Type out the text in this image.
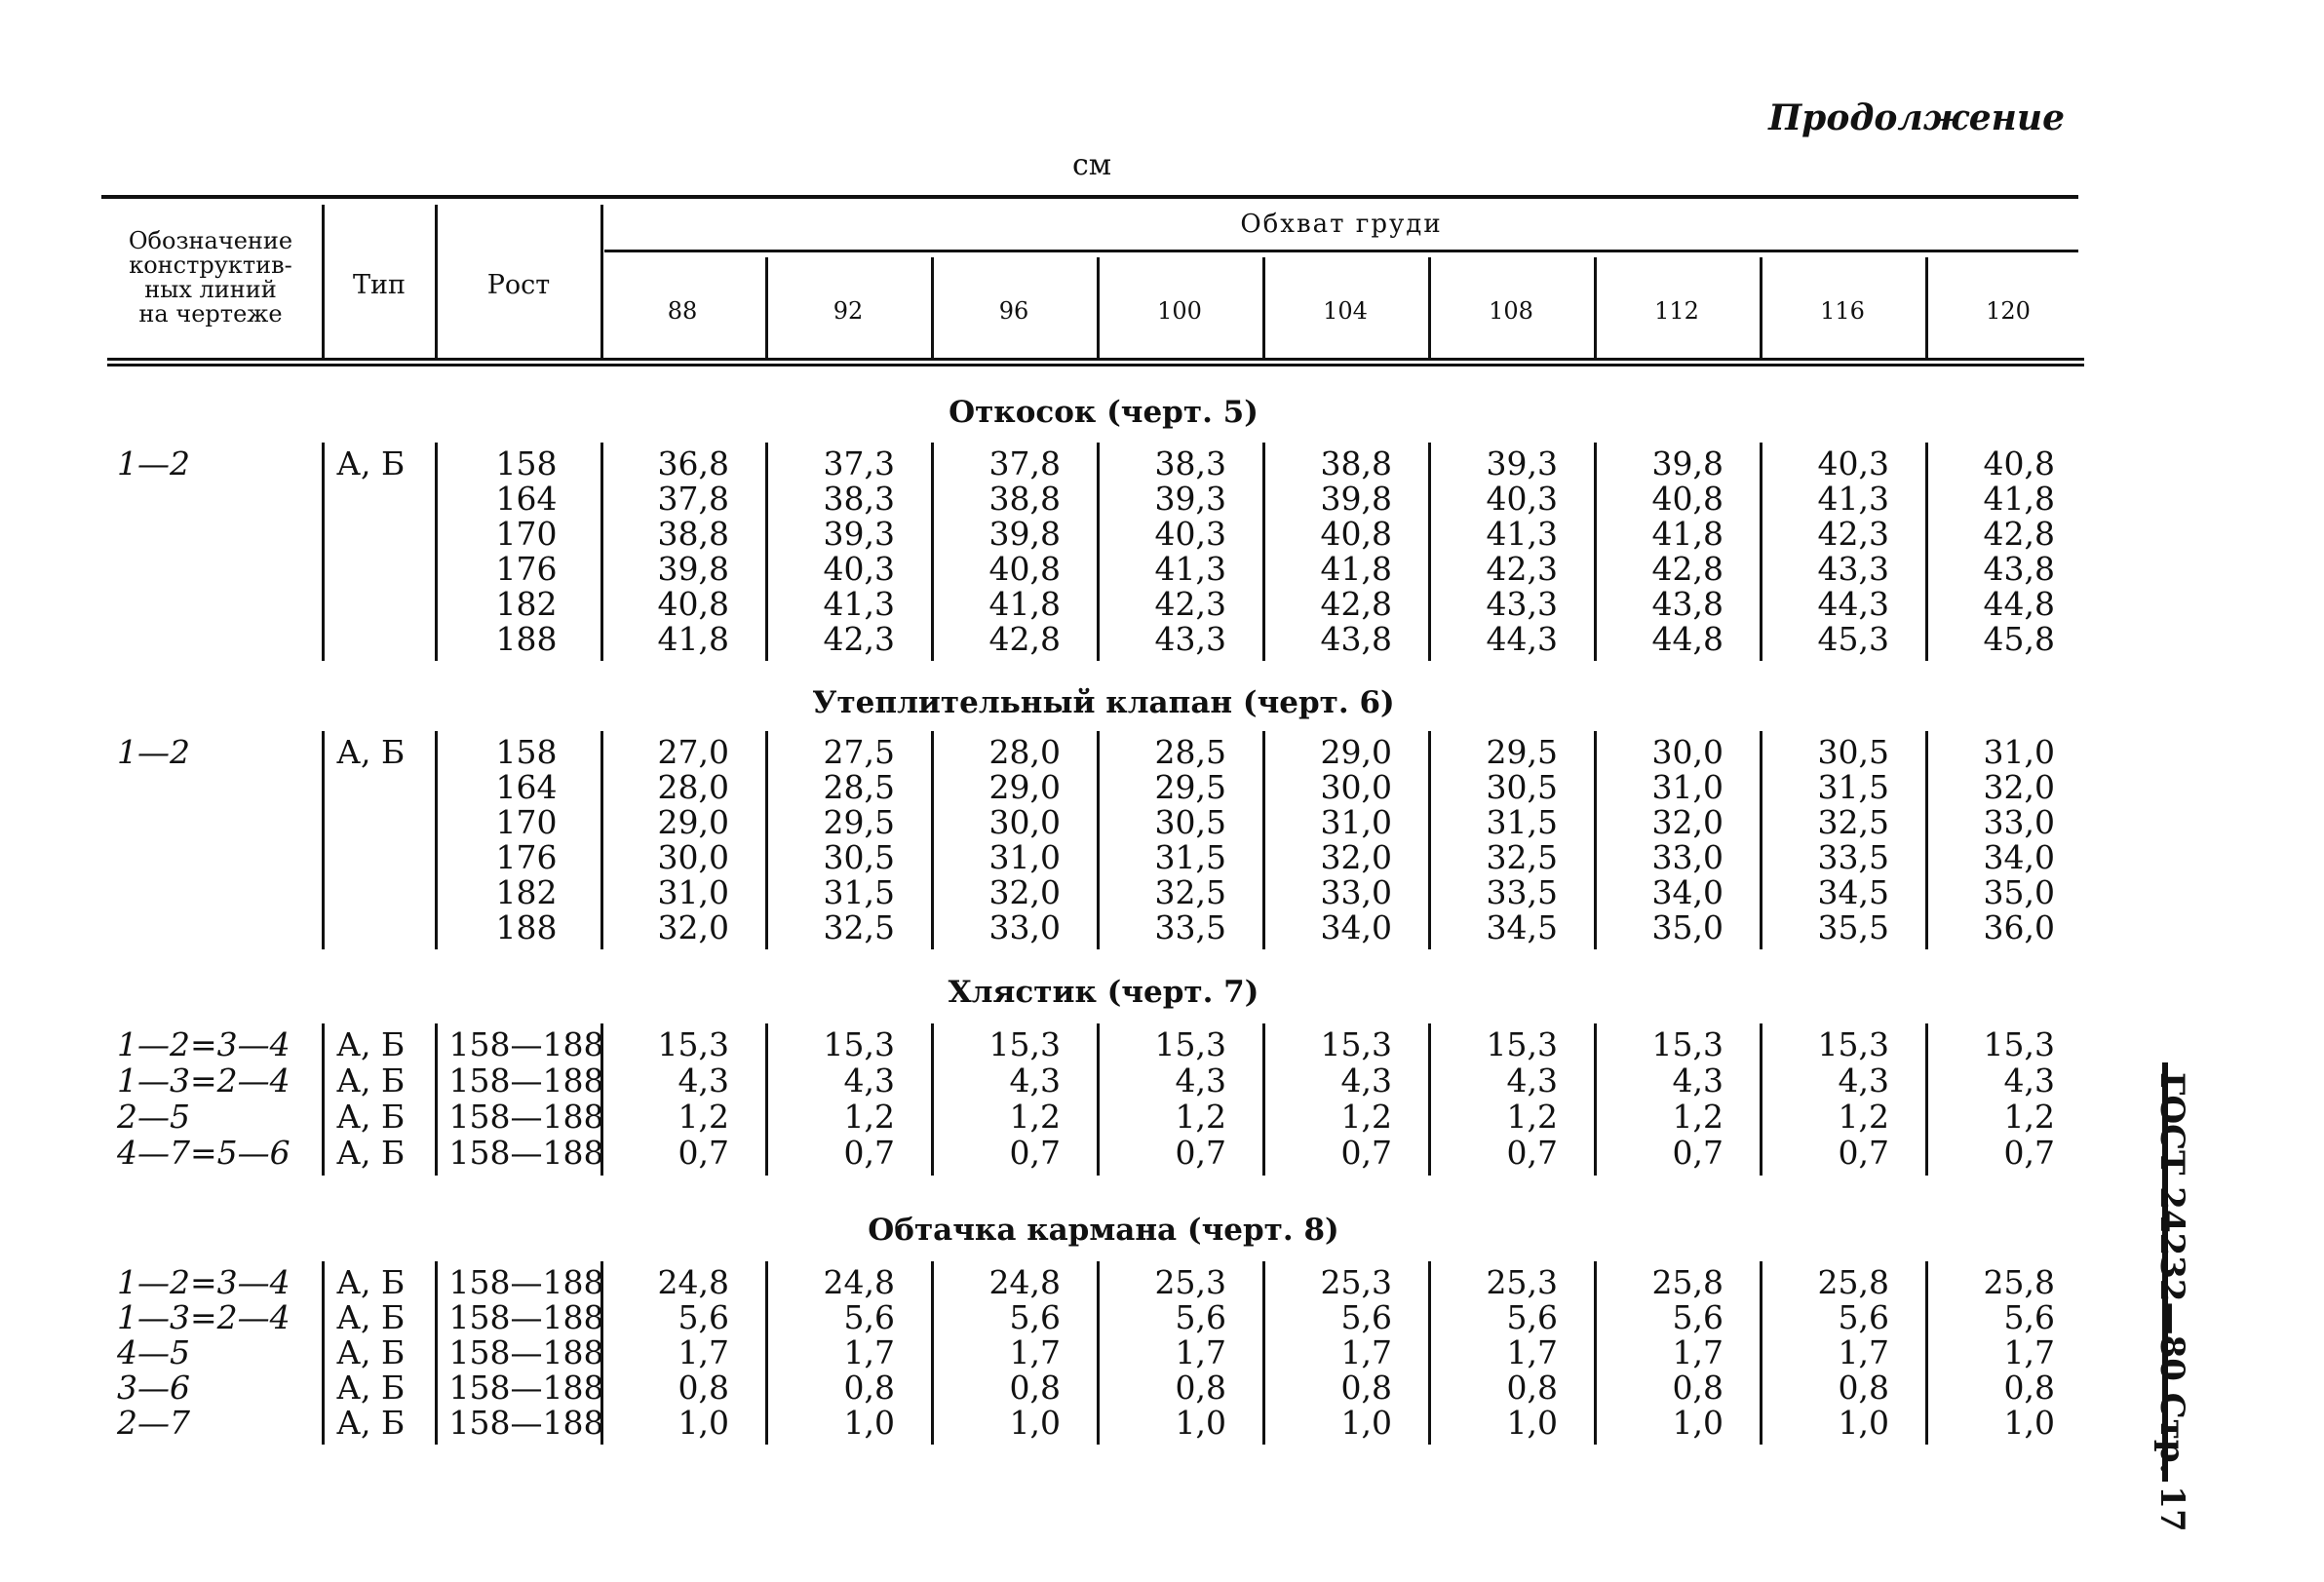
Продолжение
см
Обозначение
конструктив-
ных линий
на чертеже
Тип	Рост
Обхват груди
88	92	96	100	104	108	112	116	120
Откосок (черт. 5)
1—2	А, Б	158	36,8	37,3	37,8	38,3	38,8	39,3	39,8	40,3	40,8
164	37,8	38,3	38,8	39,3	39,8	40,3	40,8	41,3	41,8
170	38,8	39,3	39,8	40,3	40,8	41,3	41,8	42,3	42,8
176	39,8	40,3	40,8	41,3	41,8	42,3	42,8	43,3	43,8
182	40,8	41,3	41,8	42,3	42,8	43,3	43,8	44,3	44,8
188	41,8	42,3	42,8	43,3	43,8	44,3	44,8	45,3	45,8
Утеплительный клапан (черт. 6)
1—2	А, Б	158	27,0	27,5	28,0	28,5	29,0	29,5	30,0	30,5	31,0
164	28,0	28,5	29,0	29,5	30,0	30,5	31,0	31,5	32,0
170	29,0	29,5	30,0	30,5	31,0	31,5	32,0	32,5	33,0
176	30,0	30,5	31,0	31,5	32,0	32,5	33,0	33,5	34,0
182	31,0	31,5	32,0	32,5	33,0	33,5	34,0	34,5	35,0
188	32,0	32,5	33,0	33,5	34,0	34,5	35,0	35,5	36,0
Хлястик (черт. 7)
1—2=3—4	А, Б	158—188	15,3	15,3	15,3	15,3	15,3	15,3	15,3	15,3	15,3
1—3=2—4	А, Б	158—188	4,3	4,3	4,3	4,3	4,3	4,3	4,3	4,3	4,3
2—5	А, Б	158—188	1,2	1,2	1,2	1,2	1,2	1,2	1,2	1,2	1,2
4—7=5—6	А, Б	158—188	0,7	0,7	0,7	0,7	0,7	0,7	0,7	0,7	0,7
Обтачка кармана (черт. 8)
1—2=3—4	А, Б	158—188	24,8	24,8	24,8	25,3	25,3	25,3	25,8	25,8	25,8
1—3=2—4	А, Б	158—188	5,6	5,6	5,6	5,6	5,6	5,6	5,6	5,6	5,6
4—5	А, Б	158—188	1,7	1,7	1,7	1,7	1,7	1,7	1,7	1,7	1,7
3—6	А, Б	158—188	0,8	0,8	0,8	0,8	0,8	0,8	0,8	0,8	0,8
2—7	А, Б	158—188	1,0	1,0	1,0	1,0	1,0	1,0	1,0	1,0	1,0	ГОСТ 24232—80 Стр. 17
